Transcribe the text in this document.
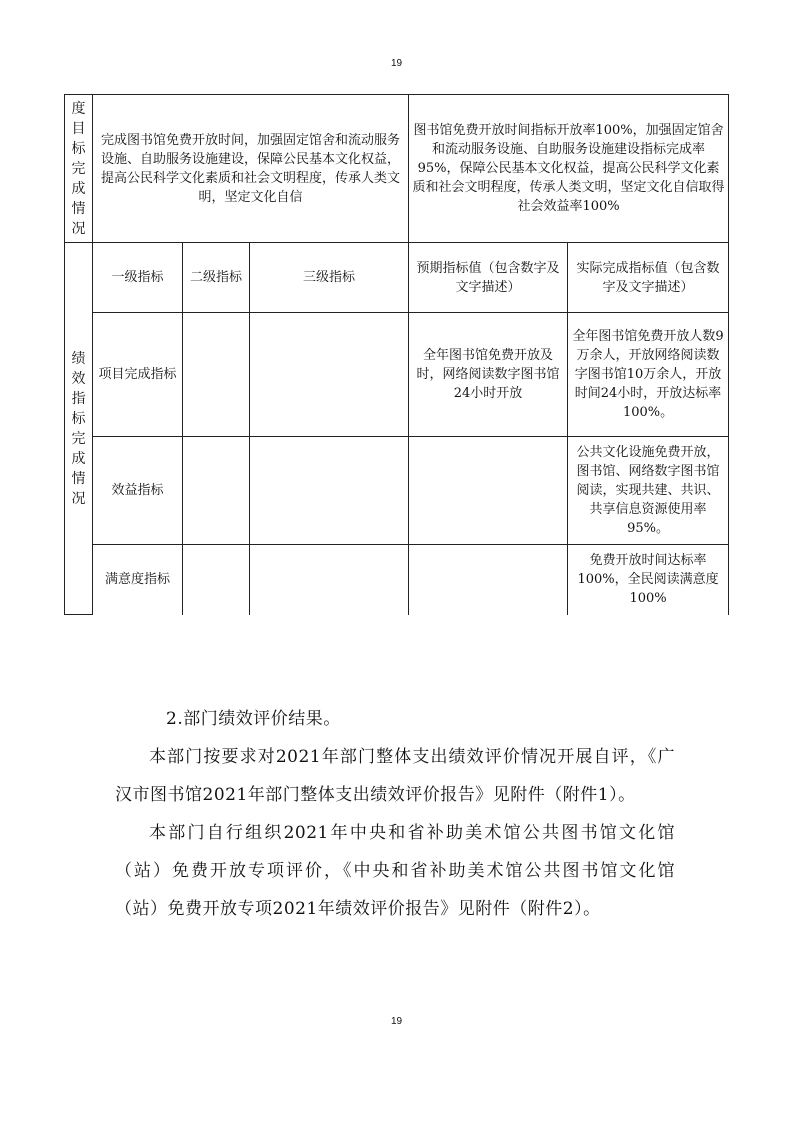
19
度目标完成情况	完成图书馆免费开放时间，加强固定馆舍和流动服务设施、自助服务设施建设，保障公民基本文化权益，提高公民科学文化素质和社会文明程度，传承人类文明，坚定文化自信			图书馆免费开放时间指标开放率100%，加强固定馆舍和流动服务设施、自助服务设施建设指标完成率95%，保障公民基本文化权益，提高公民科学文化素质和社会文明程度，传承人类文明，坚定文化自信取得社会效益率100%	

绩效指标完成情况	一级指标	二级指标	三级指标	预期指标值（包含数字及文字描述）	实际完成指标值（包含数字及文字描述）
	项目完成指标			全年图书馆免费开放及时，网络阅读数字图书馆24小时开放	全年图书馆免费开放人数9万余人，开放网络阅读数字图书馆10万余人，开放时间24小时，开放达标率100%。
	效益指标				公共文化设施免费开放，图书馆、网络数字图书馆阅读，实现共建、共识、共享信息资源使用率95%。
	满意度指标				免费开放时间达标率100%，全民阅读满意度100%

2.部门绩效评价结果。

本部门按要求对2021年部门整体支出绩效评价情况开展自评，《广汉市图书馆2021年部门整体支出绩效评价报告》见附件（附件1）。

本部门自行组织2021年中央和省补助美术馆公共图书馆文化馆（站）免费开放专项评价，《中央和省补助美术馆公共图书馆文化馆（站）免费开放专项2021年绩效评价报告》见附件（附件2）。

19
